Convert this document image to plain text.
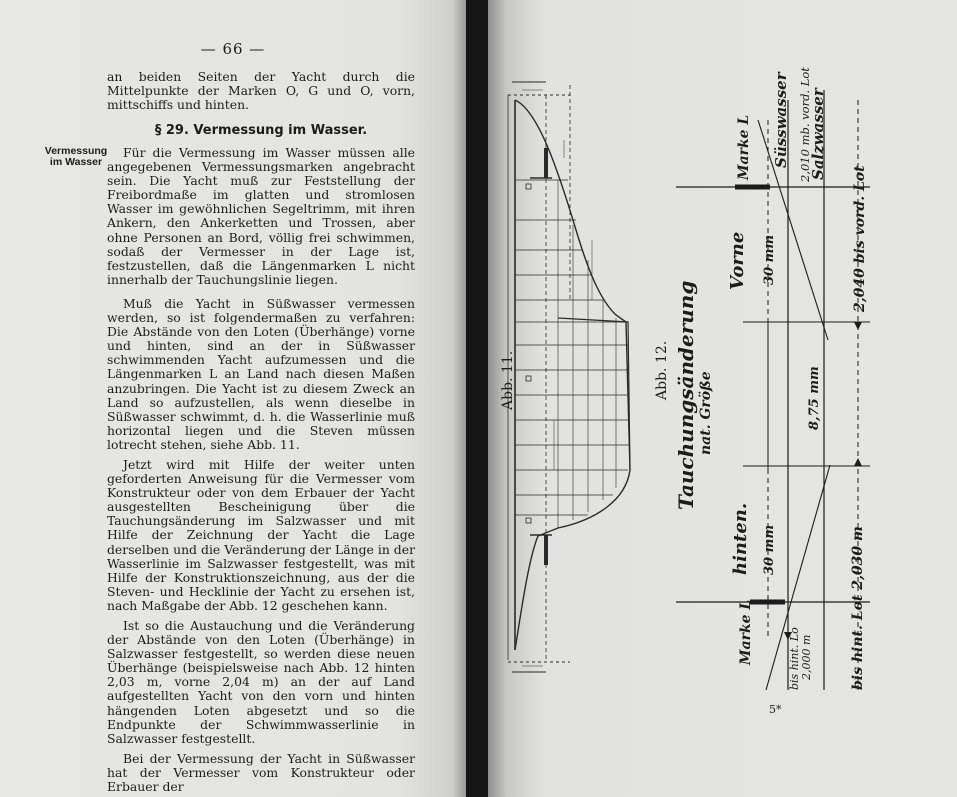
— 66 —

an beiden Seiten der Yacht durch die Mittelpunkte der Marken O, G und O, vorn, mittschiffs und hinten.

§ 29. Vermessung im Wasser.
Vermessung
im Wasser

Für die Vermessung im Wasser müssen alle angegebenen Vermessungsmarken angebracht sein. Die Yacht muß zur Feststellung der Freibordmaße im glatten und stromlosen Wasser im gewöhnlichen Segeltrimm, mit ihren Ankern, den Ankerketten und Trossen, aber ohne Personen an Bord, völlig frei schwimmen, sodaß der Vermesser in der Lage ist, festzustellen, daß die Längenmarken L nicht innerhalb der Tauchungslinie liegen.

Muß die Yacht in Süßwasser vermessen werden, so ist folgendermaßen zu verfahren: Die Abstände von den Loten (Überhänge) vorne und hinten, sind an der in Süßwasser schwimmenden Yacht aufzumessen und die Längenmarken L an Land nach diesen Maßen anzubringen. Die Yacht ist zu diesem Zweck an Land so aufzustellen, als wenn dieselbe in Süßwasser schwimmt, d. h. die Wasserlinie muß horizontal liegen und die Steven müssen lotrecht stehen, siehe Abb. 11.

Jetzt wird mit Hilfe der weiter unten geforderten Anweisung für die Vermesser vom Konstrukteur oder von dem Erbauer der Yacht ausgestellten Bescheinigung über die Tauchungsänderung im Salzwasser und mit Hilfe der Zeichnung der Yacht die Lage derselben und die Veränderung der Länge in der Wasserlinie im Salzwasser festgestellt, was mit Hilfe der Konstruktionszeichnung, aus der die Steven- und Hecklinie der Yacht zu ersehen ist, nach Maßgabe der Abb. 12 geschehen kann.

Ist so die Austauchung und die Veränderung der Abstände von den Loten (Überhänge) in Salzwasser festgestellt, so werden diese neuen Überhänge (beispielsweise nach Abb. 12 hinten 2,03 m, vorne 2,04 m) an der auf Land aufgestellten Yacht von den vorn und hinten hängenden Loten abgesetzt und so die Endpunkte der Schwimmwasserlinie in Salzwasser festgestellt.

Bei der Vermessung der Yacht in Süßwasser hat der Vermesser vom Konstrukteur oder Erbauer der

Abb. 11.	Abb. 12. Tauchungsänderung nat. Größe
Vorne
hinten.
Marke L
Marke L
Süsswasser Salzwasser
2,010 mb. vord. Lot
2,040 bis vord. Lot
30 mm
30 mm
8,75 mm
bis hint. Lo 2,000 m	bis hint. Lot 2,030 m
5*
